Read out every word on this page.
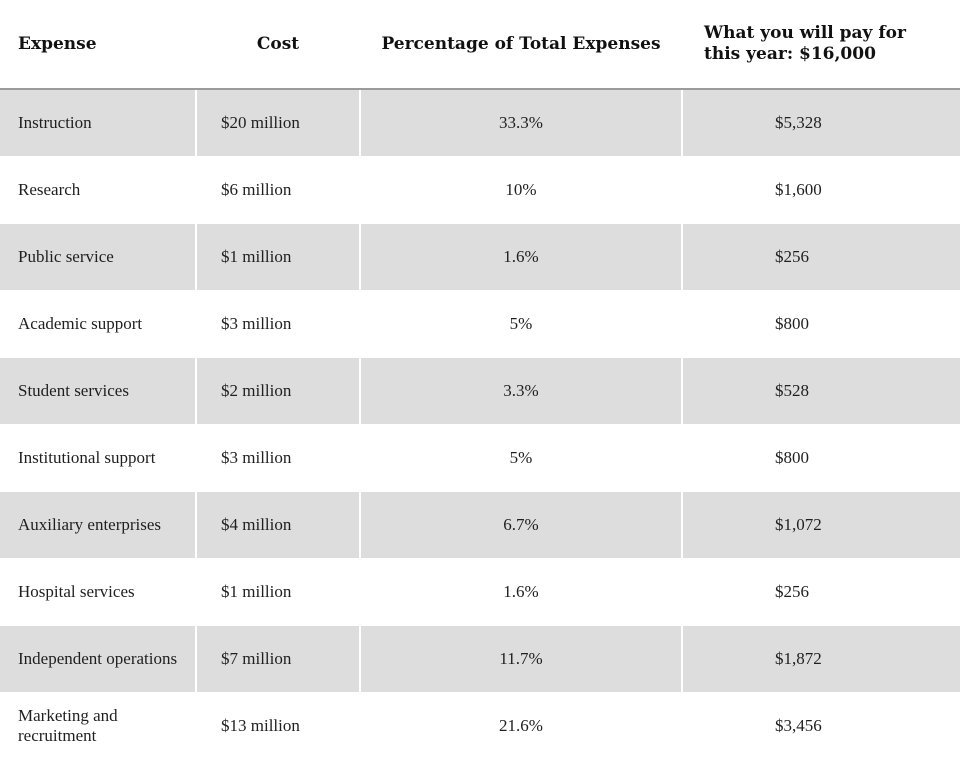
Expense	Cost	Percentage of Total Expenses	What you will pay for this year: $16,000
Instruction	$20 million	33.3%	$5,328
Research	$6 million	10%	$1,600
Public service	$1 million	1.6%	$256
Academic support	$3 million	5%	$800
Student services	$2 million	3.3%	$528
Institutional support	$3 million	5%	$800
Auxiliary enterprises	$4 million	6.7%	$1,072
Hospital services	$1 million	1.6%	$256
Independent operations	$7 million	11.7%	$1,872
Marketing and recruitment	$13 million	21.6%	$3,456
